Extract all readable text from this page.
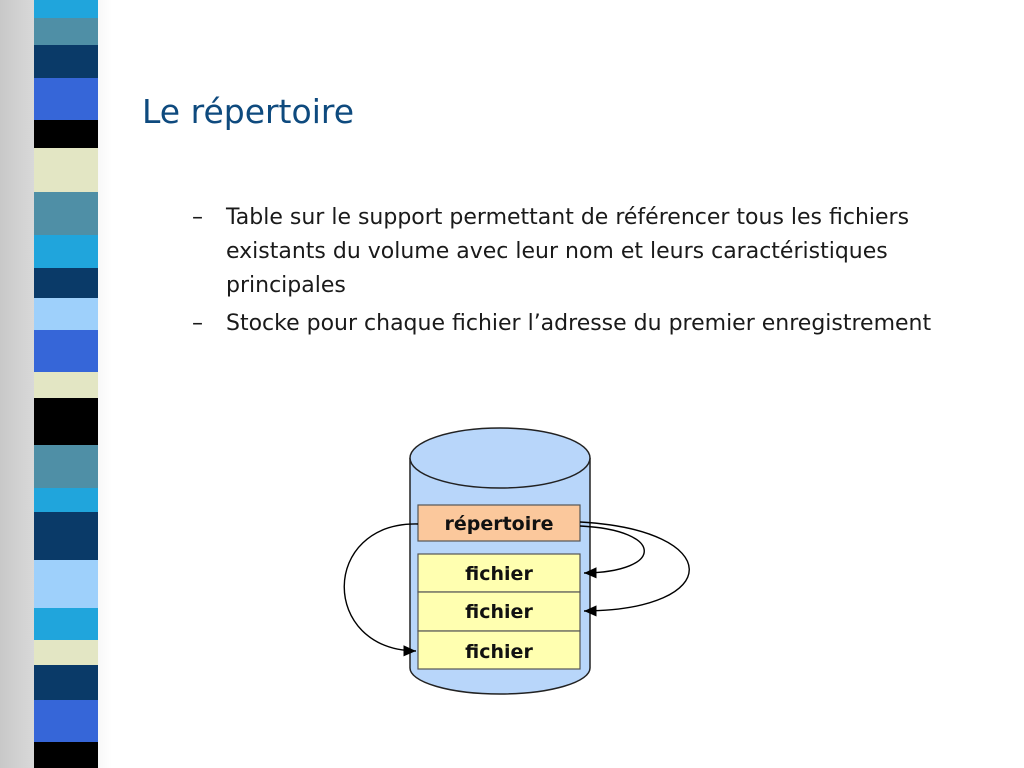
Le répertoire
– Table sur le support permettant de référencer tous les fichiers existants du volume avec leur nom et leurs caractéristiques principales
– Stocke pour chaque fichier l’adresse du premier enregistrement
répertoire
fichier
fichier
fichier
